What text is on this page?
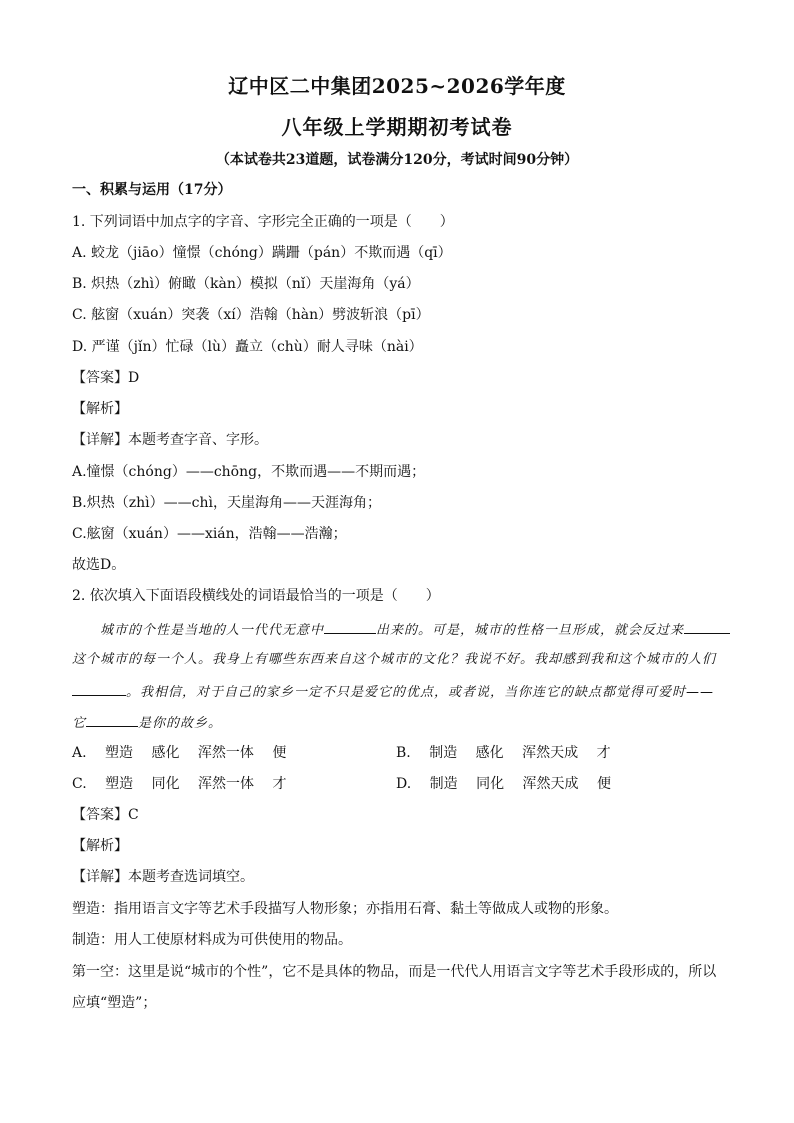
辽中区二中集团2025~2026学年度
八年级上学期期初考试卷
（本试卷共23道题，试卷满分120分，考试时间90分钟）
一、积累与运用（17分）
1. 下列词语中加点字的字音、字形完全正确的一项是（　　）
A. 蛟龙（jiāo）憧憬（chóng）蹒跚（pán）不欺而遇（qī）
B. 炽热（zhì）俯瞰（kàn）模拟（nǐ）天崖海角（yá）
C. 舷窗（xuán）突袭（xí）浩翰（hàn）劈波斩浪（pī）
D. 严谨（jǐn）忙碌（lù）矗立（chù）耐人寻味（nài）
【答案】D
【解析】
【详解】本题考查字音、字形。
A.憧憬（chóng）——chōng，不欺而遇——不期而遇；
B.炽热（zhì）——chì，天崖海角——天涯海角；
C.舷窗（xuán）——xián，浩翰——浩瀚；
故选D。
2. 依次填入下面语段横线处的词语最恰当的一项是（　　）
城市的个性是当地的人一代代无意中	出来的。可是，城市的性格一旦形成，就会反过来
这个城市的每一个人。我身上有哪些东西来自这个城市的文化？我说不好。我却感到我和这个城市的人们
。我相信，对于自己的家乡一定不只是爱它的优点，或者说，当你连它的缺点都觉得可爱时——
它	是你的故乡。
A. 塑造 感化 浑然一体 便	B. 制造 感化 浑然天成 才
C. 塑造 同化 浑然一体 才	D. 制造 同化 浑然天成 便
【答案】C
【解析】
【详解】本题考查选词填空。
塑造：指用语言文字等艺术手段描写人物形象；亦指用石膏、黏土等做成人或物的形象。
制造：用人工使原材料成为可供使用的物品。
第一空：这里是说“城市的个性”，它不是具体的物品，而是一代代人用语言文字等艺术手段形成的，所以
应填“塑造”；
